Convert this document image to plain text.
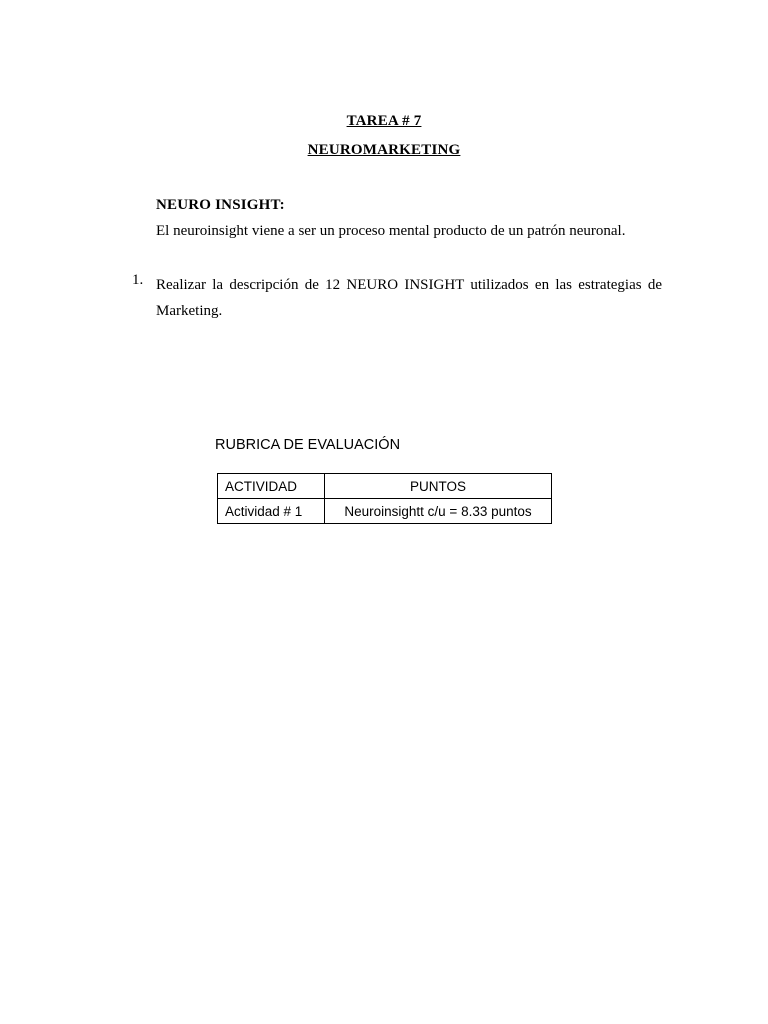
TAREA # 7
NEUROMARKETING
NEURO INSIGHT:
El neuroinsight viene a ser un proceso mental producto de un patrón neuronal.
1. Realizar la descripción de 12 NEURO INSIGHT utilizados en las estrategias de Marketing.
RUBRICA DE EVALUACIÓN
ACTIVIDAD	PUNTOS
Actividad # 1	Neuroinsightt c/u = 8.33 puntos
